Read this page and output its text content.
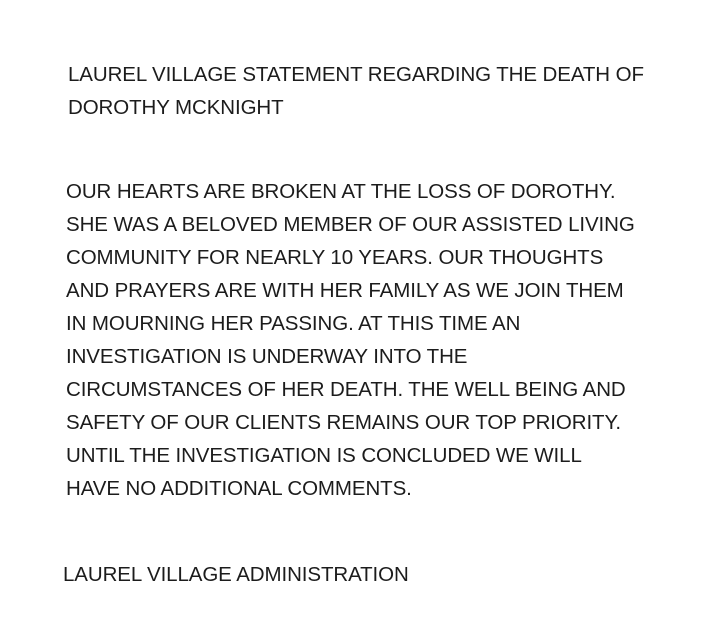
LAUREL VILLAGE STATEMENT REGARDING THE DEATH OF
DOROTHY MCKNIGHT
OUR HEARTS ARE BROKEN AT THE LOSS OF DOROTHY.
SHE WAS A BELOVED MEMBER OF OUR ASSISTED LIVING
COMMUNITY FOR NEARLY 10 YEARS. OUR THOUGHTS
AND PRAYERS ARE WITH HER FAMILY AS WE JOIN THEM
IN MOURNING HER PASSING. AT THIS TIME AN
INVESTIGATION IS UNDERWAY INTO THE
CIRCUMSTANCES OF HER DEATH. THE WELL BEING AND
SAFETY OF OUR CLIENTS REMAINS OUR TOP PRIORITY.
UNTIL THE INVESTIGATION IS CONCLUDED WE WILL
HAVE NO ADDITIONAL COMMENTS.
LAUREL VILLAGE ADMINISTRATION
